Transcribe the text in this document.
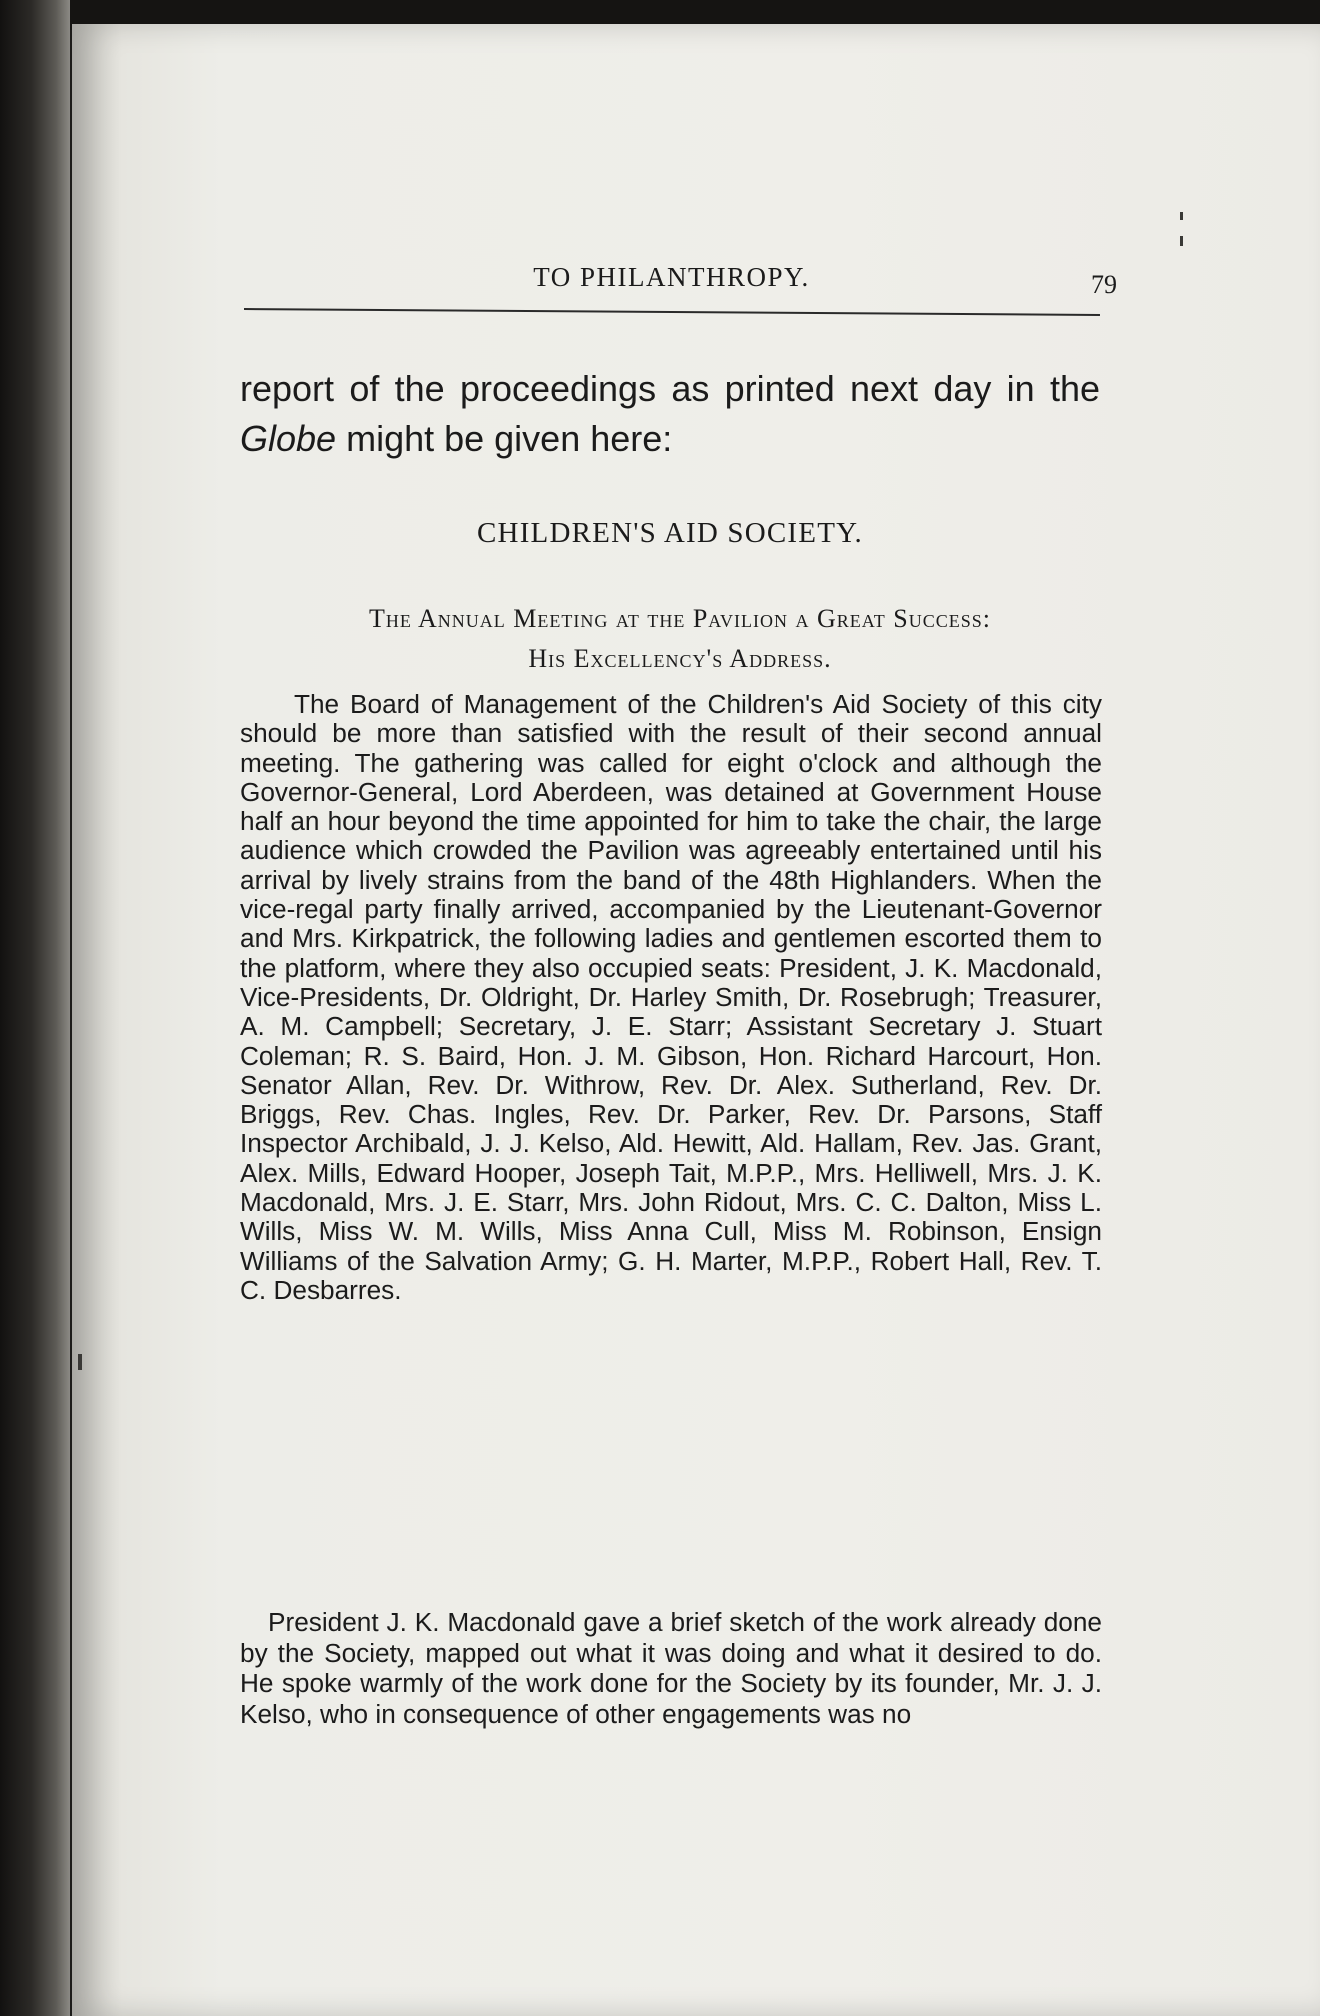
TO PHILANTHROPY.	79
report of the proceedings as printed next day in the Globe might be given here:
CHILDREN'S AID SOCIETY.
The Annual Meeting at the Pavilion a Great Success:
His Excellency's Address.
The Board of Management of the Children's Aid Society of this city should be more than satisfied with the result of their second annual meeting. The gathering was called for eight o'clock and although the Governor-General, Lord Aberdeen, was detained at Government House half an hour beyond the time appointed for him to take the chair, the large audience which crowded the Pavilion was agreeably entertained until his arrival by lively strains from the band of the 48th Highlanders. When the vice-regal party finally arrived, accompanied by the Lieutenant-Governor and Mrs. Kirkpatrick, the following ladies and gentlemen escorted them to the platform, where they also occupied seats: President, J. K. Macdonald, Vice-Presidents, Dr. Oldright, Dr. Harley Smith, Dr. Rosebrugh; Treasurer, A. M. Campbell; Secretary, J. E. Starr; Assistant Secretary J. Stuart Coleman; R. S. Baird, Hon. J. M. Gibson, Hon. Richard Harcourt, Hon. Senator Allan, Rev. Dr. Withrow, Rev. Dr. Alex. Sutherland, Rev. Dr. Briggs, Rev. Chas. Ingles, Rev. Dr. Parker, Rev. Dr. Parsons, Staff Inspector Archibald, J. J. Kelso, Ald. Hewitt, Ald. Hallam, Rev. Jas. Grant, Alex. Mills, Edward Hooper, Joseph Tait, M.P.P., Mrs. Helliwell, Mrs. J. K. Macdonald, Mrs. J. E. Starr, Mrs. John Ridout, Mrs. C. C. Dalton, Miss L. Wills, Miss W. M. Wills, Miss Anna Cull, Miss M. Robinson, Ensign Williams of the Salvation Army; G. H. Marter, M.P.P., Robert Hall, Rev. T. C. Desbarres.
President J. K. Macdonald gave a brief sketch of the work already done by the Society, mapped out what it was doing and what it desired to do. He spoke warmly of the work done for the Society by its founder, Mr. J. J. Kelso, who in consequence of other engagements was no
